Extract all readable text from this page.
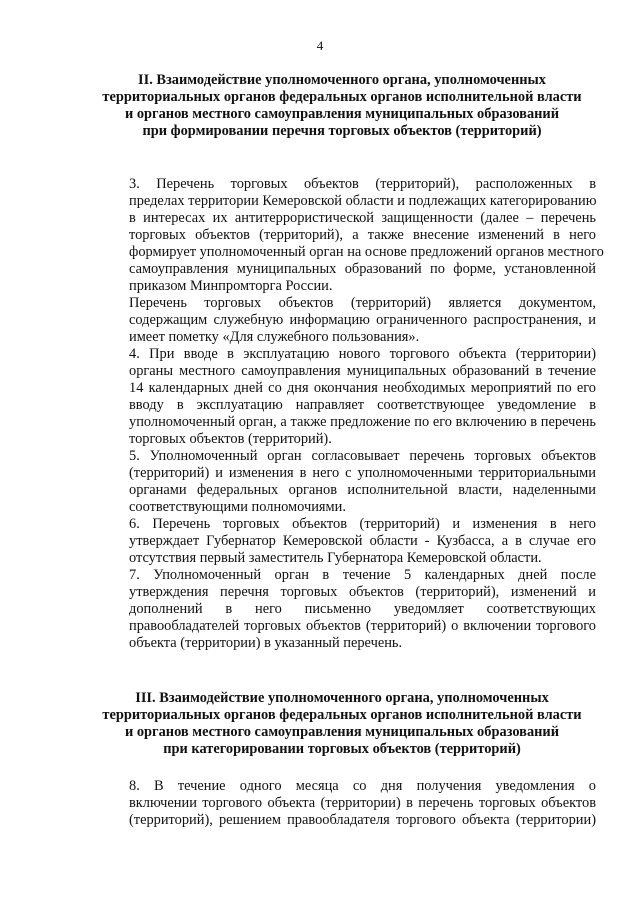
4
II. Взаимодействие уполномоченного органа, уполномоченных
территориальных органов федеральных органов исполнительной власти
и органов местного самоуправления муниципальных образований
при формировании перечня торговых объектов (территорий)

3. Перечень торговых объектов (территорий), расположенных в
пределах территории Кемеровской области и подлежащих категорированию
в интересах их антитеррористической защищенности (далее – перечень
торговых объектов (территорий), а также внесение изменений в него
формирует уполномоченный орган на основе предложений органов местного
самоуправления муниципальных образований по форме, установленной
приказом Минпромторга России.

Перечень торговых объектов (территорий) является документом,
содержащим служебную информацию ограниченного распространения, и
имеет пометку «Для служебного пользования».

4. При вводе в эксплуатацию нового торгового объекта (территории)
органы местного самоуправления муниципальных образований в течение
14 календарных дней со дня окончания необходимых мероприятий по его
вводу в эксплуатацию направляет соответствующее уведомление в
уполномоченный орган, а также предложение по его включению в перечень
торговых объектов (территорий).

5. Уполномоченный орган согласовывает перечень торговых объектов
(территорий) и изменения в него с уполномоченными территориальными
органами федеральных органов исполнительной власти, наделенными
соответствующими полномочиями.

6. Перечень торговых объектов (территорий) и изменения в него
утверждает Губернатор Кемеровской области - Кузбасса, а в случае его
отсутствия первый заместитель Губернатора Кемеровской области.

7. Уполномоченный орган в течение 5 календарных дней после
утверждения перечня торговых объектов (территорий), изменений и
дополнений в него письменно уведомляет соответствующих
правообладателей торговых объектов (территорий) о включении торгового
объекта (территории) в указанный перечень.

III. Взаимодействие уполномоченного органа, уполномоченных
территориальных органов федеральных органов исполнительной власти
и органов местного самоуправления муниципальных образований
при категорировании торговых объектов (территорий)

8. В течение одного месяца со дня получения уведомления о
включении торгового объекта (территории) в перечень торговых объектов
(территорий), решением правообладателя торгового объекта (территории)
